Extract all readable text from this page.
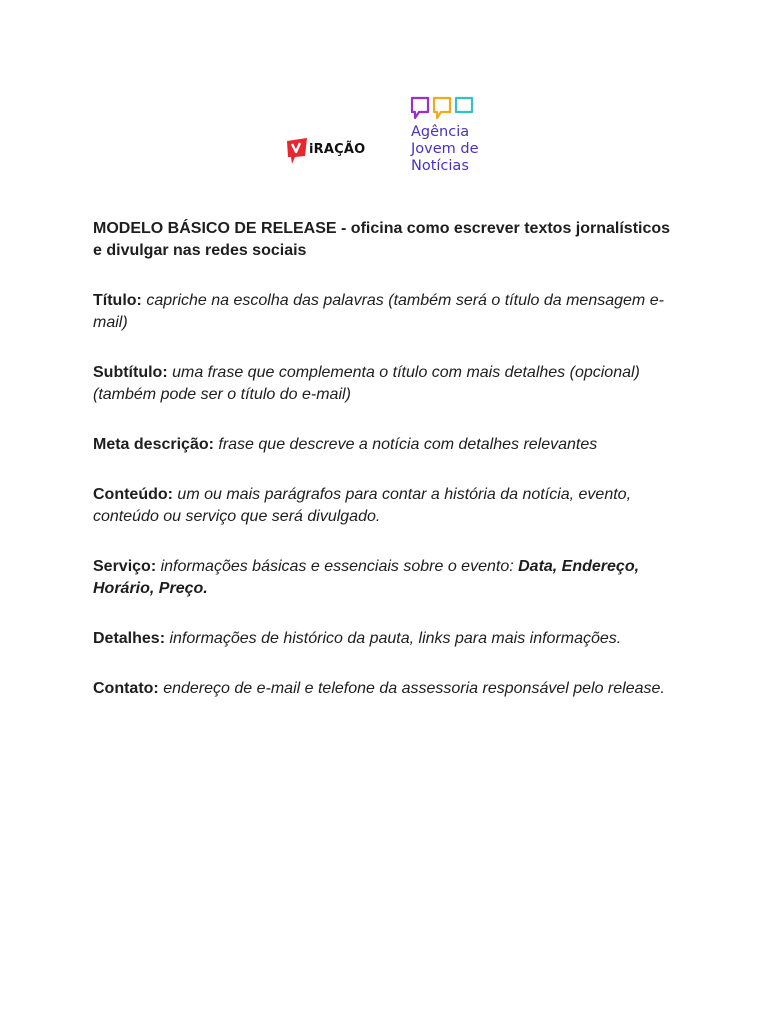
iRAÇÃO
Agência
Jovem de
Notícias

MODELO BÁSICO DE RELEASE - oficina como escrever textos jornalísticos e divulgar nas redes sociais

Título: capriche na escolha das palavras (também será o título da mensagem e-mail)

Subtítulo: uma frase que complementa o título com mais detalhes (opcional) (também pode ser o título do e-mail)

Meta descrição: frase que descreve a notícia com detalhes relevantes

Conteúdo: um ou mais parágrafos para contar a história da notícia, evento, conteúdo ou serviço que será divulgado.

Serviço: informações básicas e essenciais sobre o evento: Data, Endereço, Horário, Preço.

Detalhes: informações de histórico da pauta, links para mais informações.

Contato: endereço de e-mail e telefone da assessoria responsável pelo release.
